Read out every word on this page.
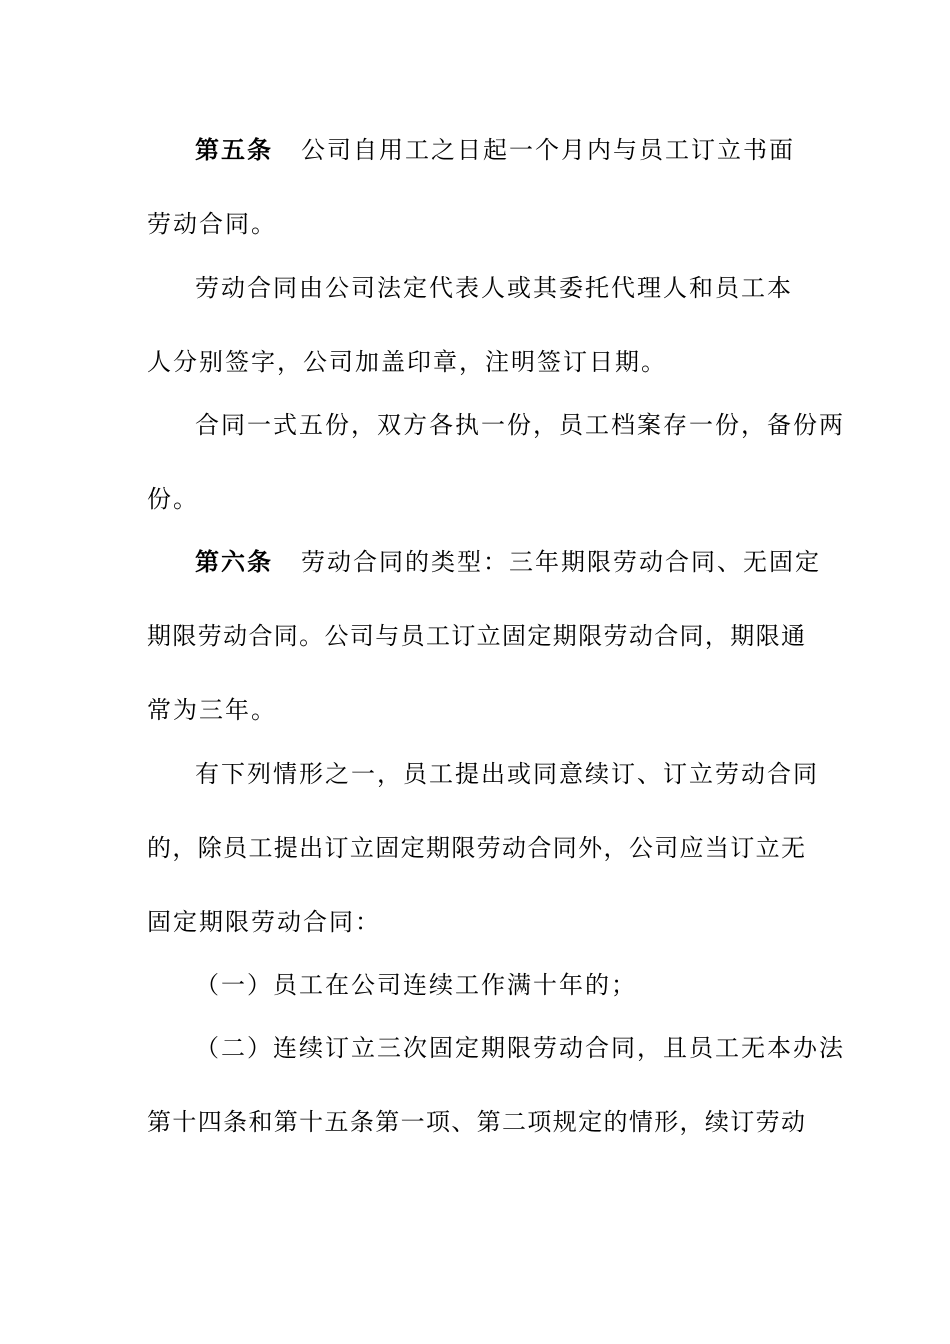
第五条 公司自用工之日起一个月内与员工订立书面
劳动合同。
劳动合同由公司法定代表人或其委托代理人和员工本
人分别签字，公司加盖印章，注明签订日期。
合同一式五份，双方各执一份，员工档案存一份，备份两
份。
第六条 劳动合同的类型：三年期限劳动合同、无固定
期限劳动合同。公司与员工订立固定期限劳动合同，期限通
常为三年。
有下列情形之一，员工提出或同意续订、订立劳动合同
的，除员工提出订立固定期限劳动合同外，公司应当订立无
固定期限劳动合同：
（一）员工在公司连续工作满十年的；
（二）连续订立三次固定期限劳动合同，且员工无本办法
第十四条和第十五条第一项、第二项规定的情形，续订劳动
